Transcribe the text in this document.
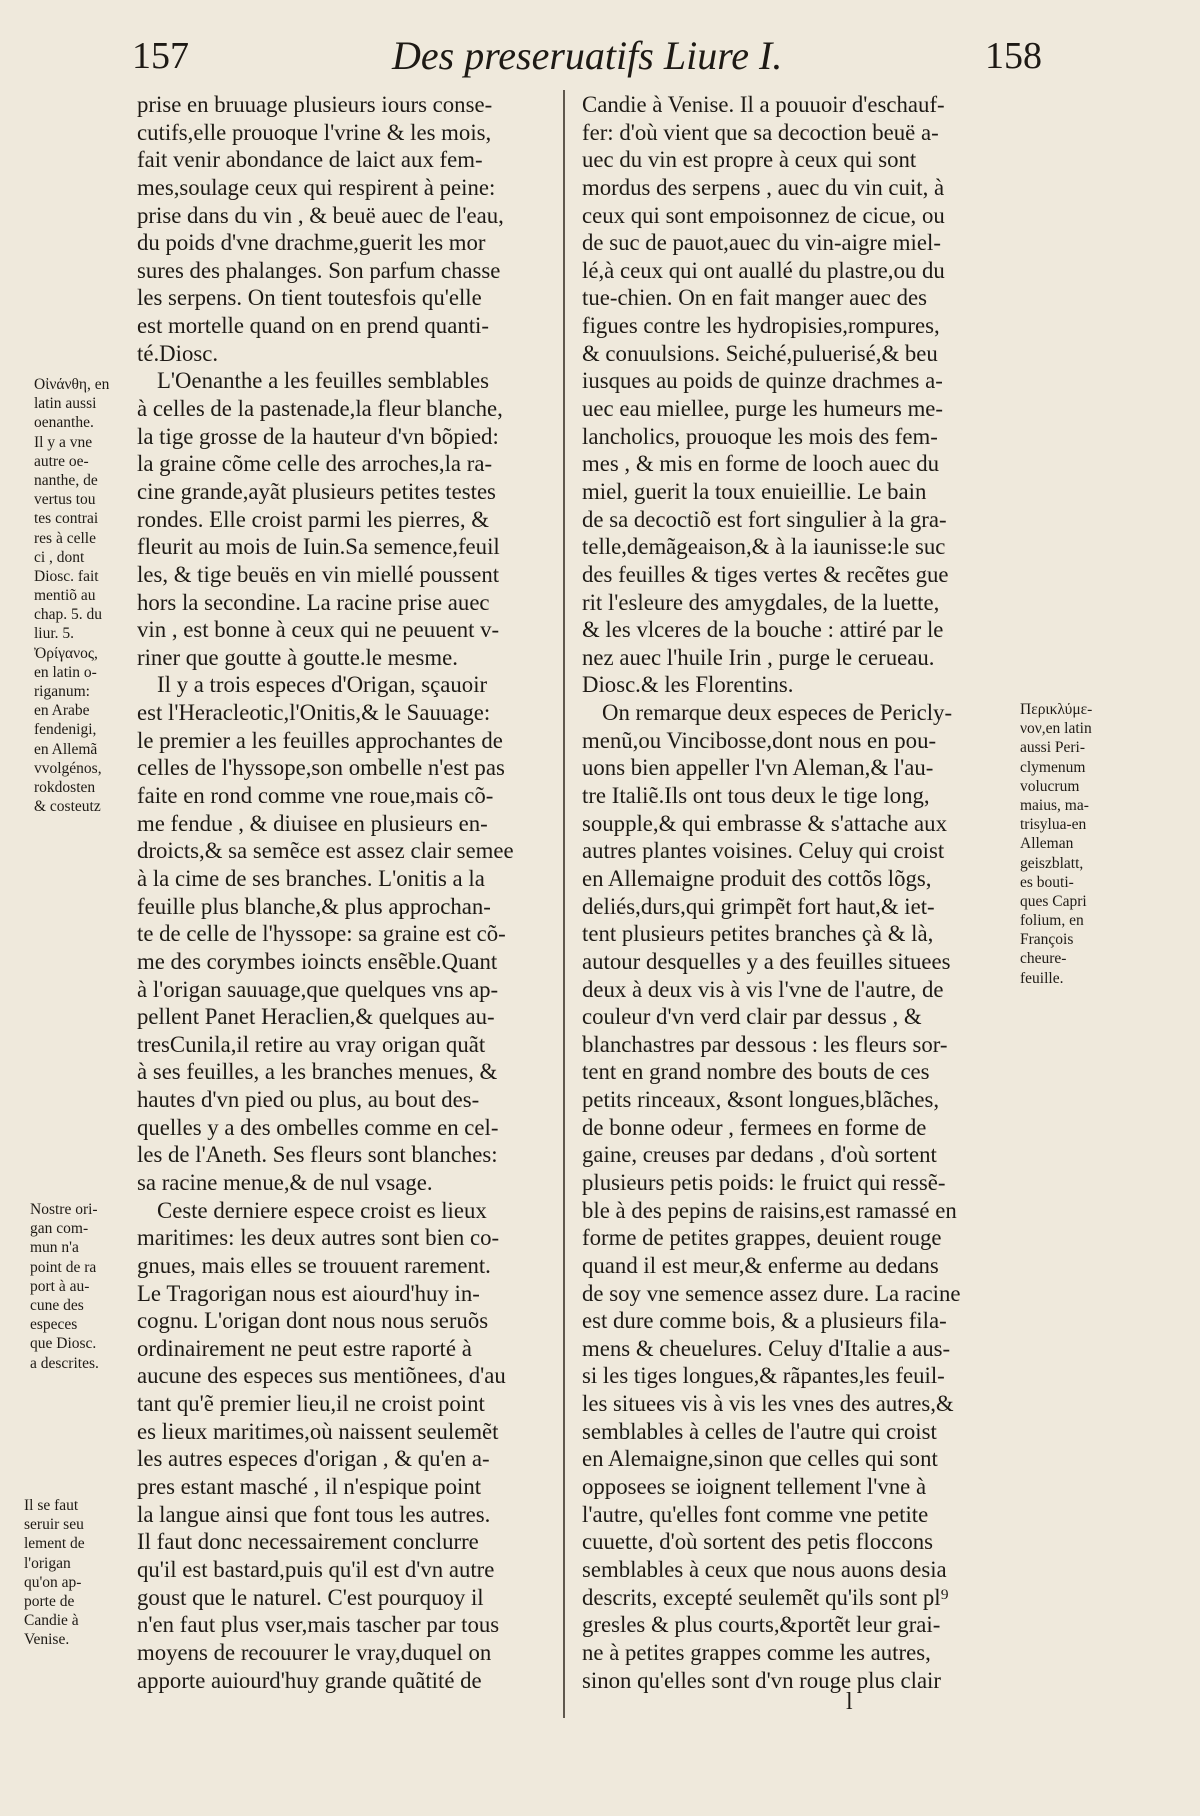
157	Des preseruatifs Liure I.	158
prise en bruuage plusieurs iours conse-
cutifs,elle prouoque l'vrine & les mois,
fait venir abondance de laict aux fem-
mes,soulage ceux qui respirent à peine:
prise dans du vin , & beuë auec de l'eau,
du poids d'vne drachme,guerit les mor
sures des phalanges. Son parfum chasse
les serpens. On tient toutesfois qu'elle
est mortelle quand on en prend quanti-
té.Diosc.
L'Oenanthe a les feuilles semblables
à celles de la pastenade,la fleur blanche,
la tige grosse de la hauteur d'vn bõpied:
la graine cõme celle des arroches,la ra-
cine grande,ayãt plusieurs petites testes
rondes. Elle croist parmi les pierres, &
fleurit au mois de Iuin.Sa semence,feuil
les, & tige beuës en vin miellé poussent
hors la secondine. La racine prise auec
vin , est bonne à ceux qui ne peuuent v-
riner que goutte à goutte.le mesme.
Il y a trois especes d'Origan, sçauoir
est l'Heracleotic,l'Onitis,& le Sauuage:
le premier a les feuilles approchantes de
celles de l'hyssope,son ombelle n'est pas
faite en rond comme vne roue,mais cõ-
me fendue , & diuisee en plusieurs en-
droicts,& sa semẽce est assez clair semee
à la cime de ses branches. L'onitis a la
feuille plus blanche,& plus approchan-
te de celle de l'hyssope: sa graine est cõ-
me des corymbes ioincts ensẽble.Quant
à l'origan sauuage,que quelques vns ap-
pellent Panet Heraclien,& quelques au-
tresCunila,il retire au vray origan quãt
à ses feuilles, a les branches menues, &
hautes d'vn pied ou plus, au bout des-
quelles y a des ombelles comme en cel-
les de l'Aneth. Ses fleurs sont blanches:
sa racine menue,& de nul vsage.
Ceste derniere espece croist es lieux
maritimes: les deux autres sont bien co-
gnues, mais elles se trouuent rarement.
Le Tragorigan nous est aiourd'huy in-
cognu. L'origan dont nous nous seruõs
ordinairement ne peut estre raporté à
aucune des especes sus mentiõnees, d'au
tant qu'ẽ premier lieu,il ne croist point
es lieux maritimes,où naissent seulemẽt
les autres especes d'origan , & qu'en a-
pres estant masché , il n'espique point
la langue ainsi que font tous les autres.
Il faut donc necessairement conclurre
qu'il est bastard,puis qu'il est d'vn autre
goust que le naturel. C'est pourquoy il
n'en faut plus vser,mais tascher par tous
moyens de recouurer le vray,duquel on
apporte auiourd'huy grande quãtité de
Candie à Venise. Il a pouuoir d'eschauf-
fer: d'où vient que sa decoction beuë a-
uec du vin est propre à ceux qui sont
mordus des serpens , auec du vin cuit, à
ceux qui sont empoisonnez de cicue, ou
de suc de pauot,auec du vin-aigre miel-
lé,à ceux qui ont auallé du plastre,ou du
tue-chien. On en fait manger auec des
figues contre les hydropisies,rompures,
& conuulsions. Seiché,puluerisé,& beu
iusques au poids de quinze drachmes a-
uec eau miellee, purge les humeurs me-
lancholics, prouoque les mois des fem-
mes , & mis en forme de looch auec du
miel, guerit la toux enuieillie. Le bain
de sa decoctiõ est fort singulier à la gra-
telle,demãgeaison,& à la iaunisse:le suc
des feuilles & tiges vertes & recẽtes gue
rit l'esleure des amygdales, de la luette,
& les vlceres de la bouche : attiré par le
nez auec l'huile Irin , purge le cerueau.
Diosc.& les Florentins.
On remarque deux especes de Pericly-
menũ,ou Vincibosse,dont nous en pou-
uons bien appeller l'vn Aleman,& l'au-
tre Italiẽ.Ils ont tous deux le tige long,
soupple,& qui embrasse & s'attache aux
autres plantes voisines. Celuy qui croist
en Allemaigne produit des cottõs lõgs,
deliés,durs,qui grimpẽt fort haut,& iet-
tent plusieurs petites branches çà & là,
autour desquelles y a des feuilles situees
deux à deux vis à vis l'vne de l'autre, de
couleur d'vn verd clair par dessus , &
blanchastres par dessous : les fleurs sor-
tent en grand nombre des bouts de ces
petits rinceaux, &sont longues,blãches,
de bonne odeur , fermees en forme de
gaine, creuses par dedans , d'où sortent
plusieurs petis poids: le fruict qui ressẽ-
ble à des pepins de raisins,est ramassé en
forme de petites grappes, deuient rouge
quand il est meur,& enferme au dedans
de soy vne semence assez dure. La racine
est dure comme bois, & a plusieurs fila-
mens & cheuelures. Celuy d'Italie a aus-
si les tiges longues,& rãpantes,les feuil-
les situees vis à vis les vnes des autres,&
semblables à celles de l'autre qui croist
en Alemaigne,sinon que celles qui sont
opposees se ioignent tellement l'vne à
l'autre, qu'elles font comme vne petite
cuuette, d'où sortent des petis floccons
semblables à ceux que nous auons desia
descrits, excepté seulemẽt qu'ils sont pl⁹
gresles & plus courts,&portẽt leur grai-
ne à petites grappes comme les autres,
sinon qu'elles sont d'vn rouge plus clair
Οἰνάνθη, en
latin aussi
oenanthe.
Il y a vne
autre oe-
nanthe, de
vertus tou
tes contrai
res à celle
ci , dont
Diosc. fait
mentiõ au
chap. 5. du
liur. 5.
Ὀρίγανος,
en latin o-
riganum:
en Arabe
fendenigi,
en Allemã
vvolgénos,
rokdosten
& costeutz
Nostre ori-
gan com-
mun n'a
point de ra
port à au-
cune des
especes
que Diosc.
a descrites.
Il se faut
seruir seu
lement de
l'origan
qu'on ap-
porte de
Candie à
Venise.
Περικλύμε-
νον,en latin
aussi Peri-
clymenum
volucrum
maius, ma-
trisylua-en
Alleman
geiszblatt,
es bouti-
ques Capri
folium, en
François
cheure-
feuille.
l
